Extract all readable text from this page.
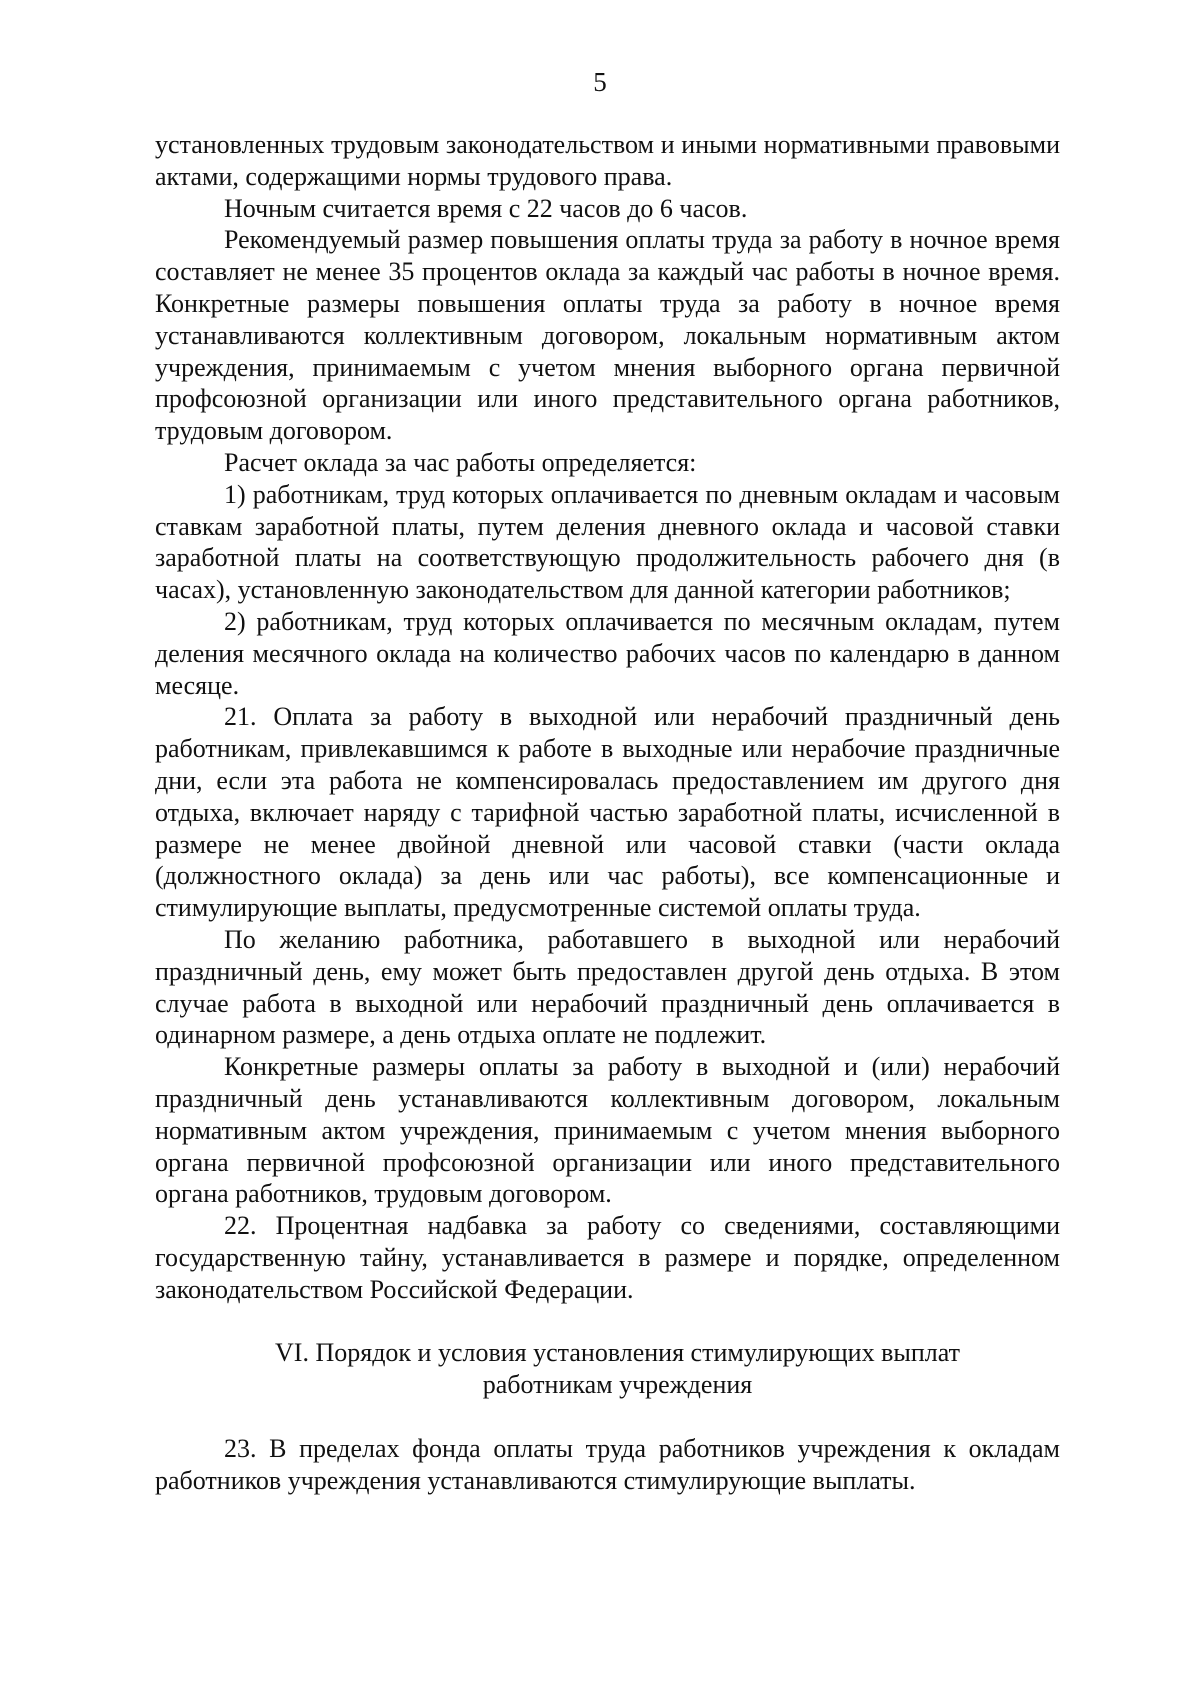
5

установленных трудовым законодательством и иными нормативными правовыми актами, содержащими нормы трудового права.

Ночным считается время с 22 часов до 6 часов.

Рекомендуемый размер повышения оплаты труда за работу в ночное время составляет не менее 35 процентов оклада за каждый час работы в ночное время. Конкретные размеры повышения оплаты труда за работу в ночное время устанавливаются коллективным договором, локальным нормативным актом учреждения, принимаемым с учетом мнения выборного органа первичной профсоюзной организации или иного представительного органа работников, трудовым договором.

Расчет оклада за час работы определяется:

1) работникам, труд которых оплачивается по дневным окладам и часовым ставкам заработной платы, путем деления дневного оклада и часовой ставки заработной платы на соответствующую продолжительность рабочего дня (в часах), установленную законодательством для данной категории работников;

2) работникам, труд которых оплачивается по месячным окладам, путем деления месячного оклада на количество рабочих часов по календарю в данном месяце.

21. Оплата за работу в выходной или нерабочий праздничный день работникам, привлекавшимся к работе в выходные или нерабочие праздничные дни, если эта работа не компенсировалась предоставлением им другого дня отдыха, включает наряду с тарифной частью заработной платы, исчисленной в размере не менее двойной дневной или часовой ставки (части оклада (должностного оклада) за день или час работы), все компенсационные и стимулирующие выплаты, предусмотренные системой оплаты труда.

По желанию работника, работавшего в выходной или нерабочий праздничный день, ему может быть предоставлен другой день отдыха. В этом случае работа в выходной или нерабочий праздничный день оплачивается в одинарном размере, а день отдыха оплате не подлежит.

Конкретные размеры оплаты за работу в выходной и (или) нерабочий праздничный день устанавливаются коллективным договором, локальным нормативным актом учреждения, принимаемым с учетом мнения выборного органа первичной профсоюзной организации или иного представительного органа работников, трудовым договором.

22. Процентная надбавка за работу со сведениями, составляющими государственную тайну, устанавливается в размере и порядке, определенном законодательством Российской Федерации.

VI. Порядок и условия установления стимулирующих выплат
работникам учреждения

23. В пределах фонда оплаты труда работников учреждения к окладам работников учреждения устанавливаются стимулирующие выплаты.
